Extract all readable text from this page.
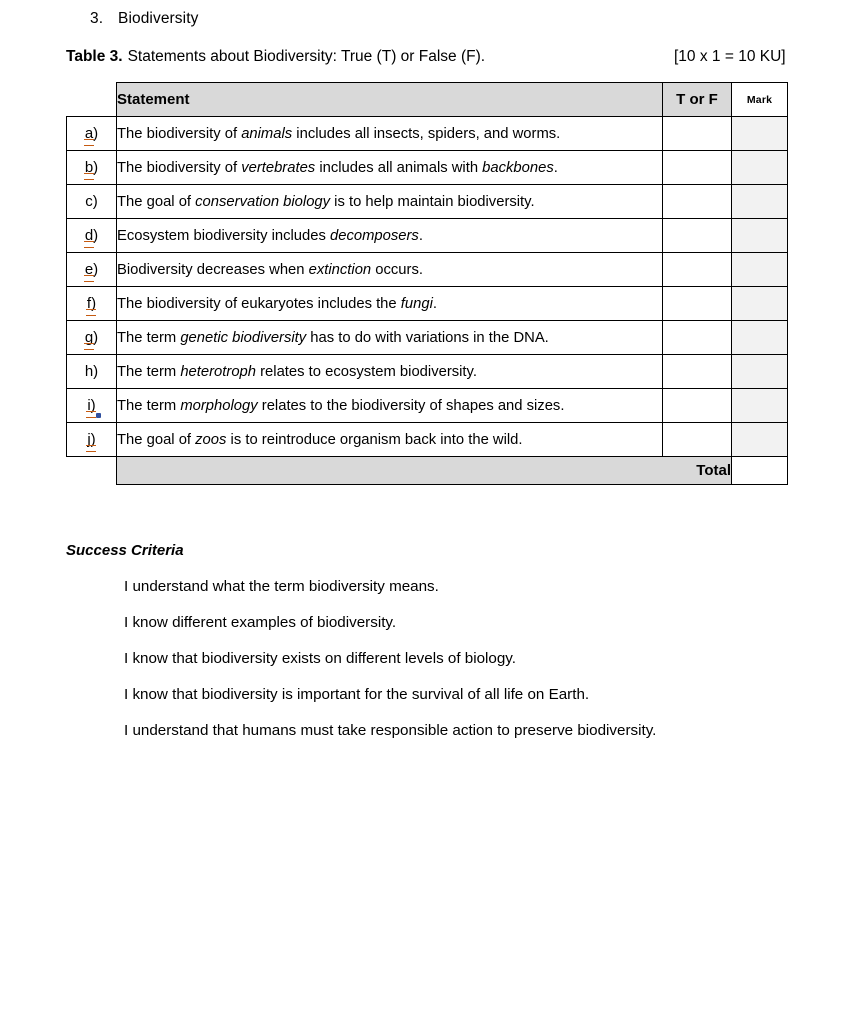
3. Biodiversity
Table 3. Statements about Biodiversity: True (T) or False (F).	[10 x 1 = 10 KU]
	Statement	T or F	Mark
a)	The biodiversity of animals includes all insects, spiders, and worms.		
b)	The biodiversity of vertebrates includes all animals with backbones.		
c)	The goal of conservation biology is to help maintain biodiversity.		
d)	Ecosystem biodiversity includes decomposers.		
e)	Biodiversity decreases when extinction occurs.		
f)	The biodiversity of eukaryotes includes the fungi.		
g)	The term genetic biodiversity has to do with variations in the DNA.		
h)	The term heterotroph relates to ecosystem biodiversity.		
i)	The term morphology relates to the biodiversity of shapes and sizes.		
j)	The goal of zoos is to reintroduce organism back into the wild.		
	Total		
Success Criteria
I understand what the term biodiversity means.
I know different examples of biodiversity.
I know that biodiversity exists on different levels of biology.
I know that biodiversity is important for the survival of all life on Earth.
I understand that humans must take responsible action to preserve biodiversity.
